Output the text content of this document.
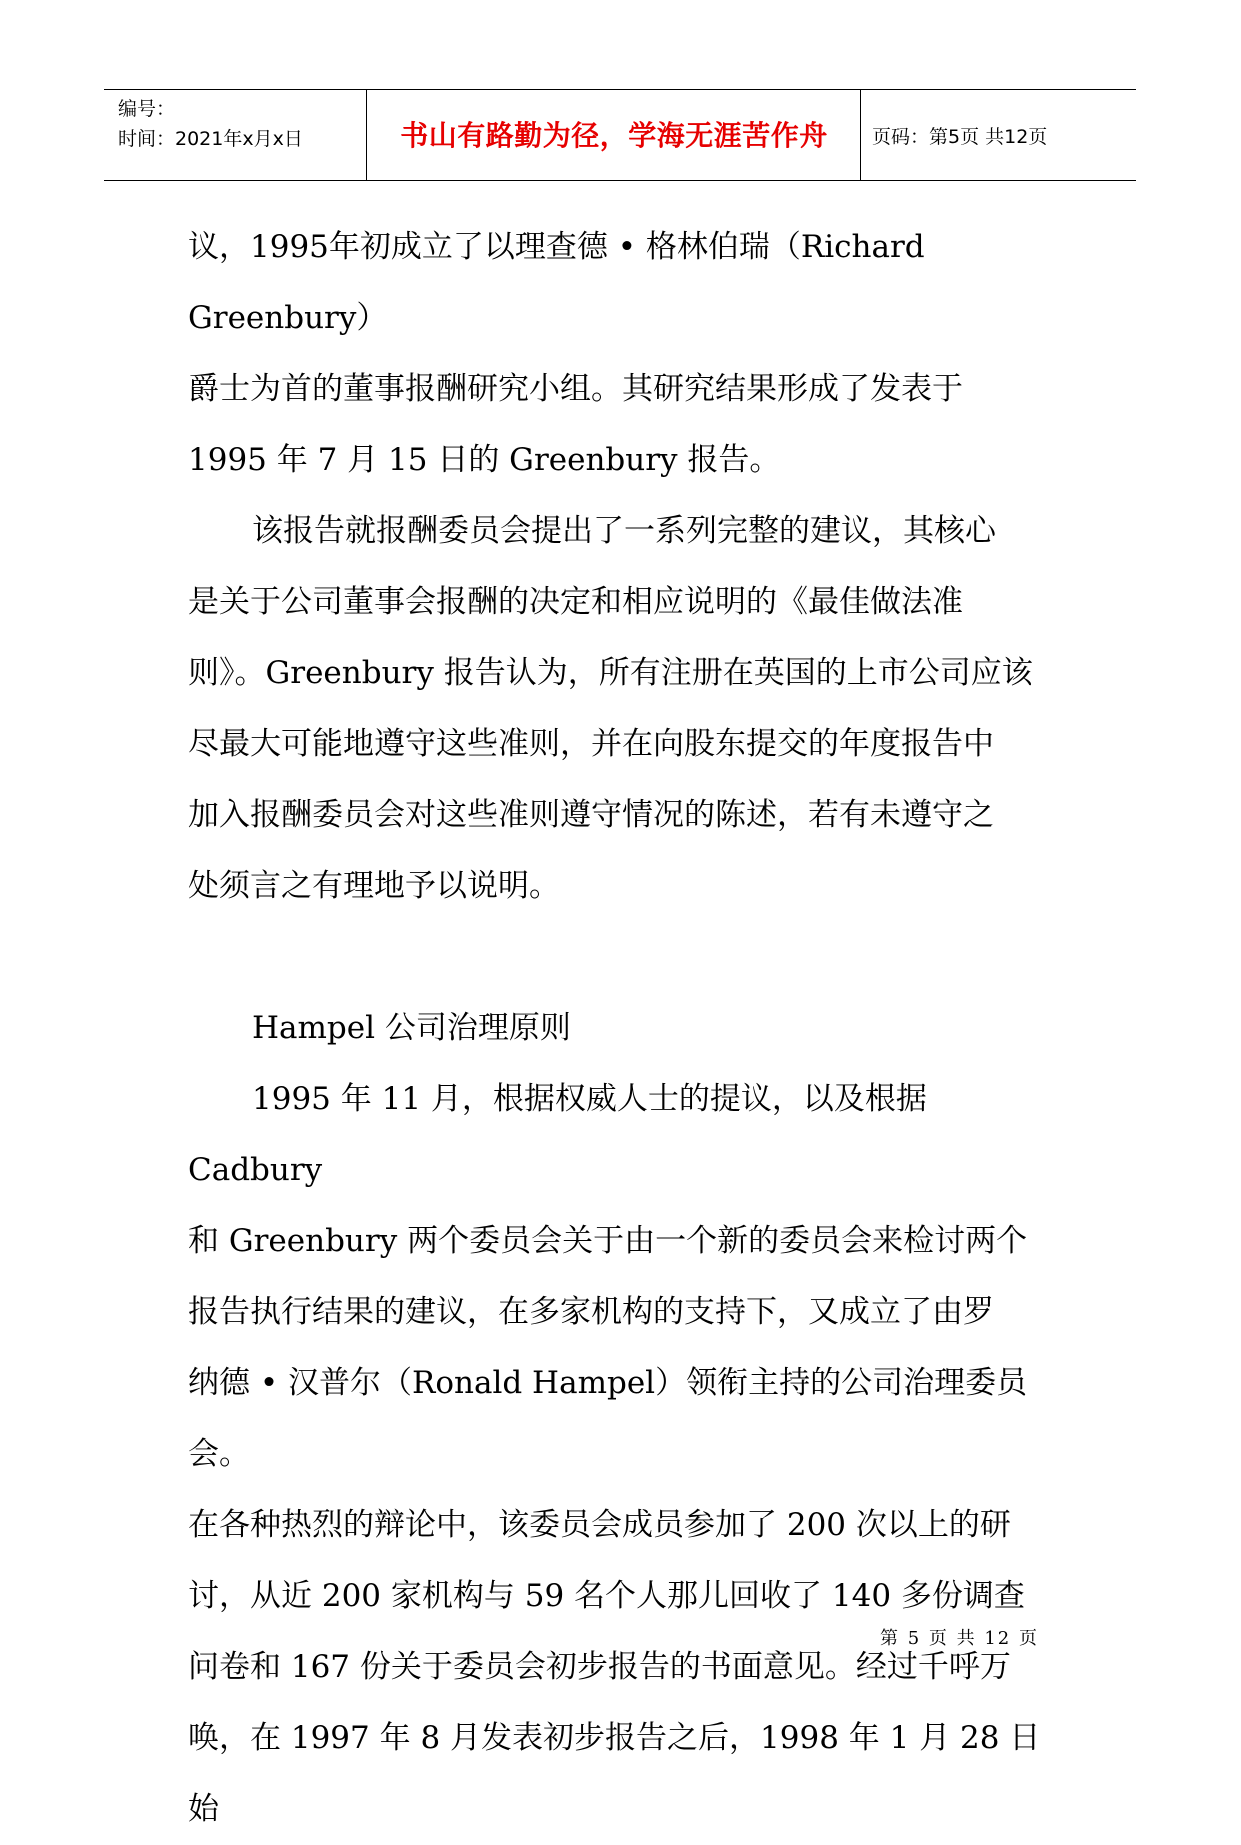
编号：
时间：2021年x月x日	书山有路勤为径，学海无涯苦作舟	页码：第5页 共12页

议，1995年初成立了以理查德 • 格林伯瑞（Richard Greenbury）

爵士为首的董事报酬研究小组。其研究结果形成了发表于

1995 年 7 月 15 日的 Greenbury 报告。

该报告就报酬委员会提出了一系列完整的建议，其核心

是关于公司董事会报酬的决定和相应说明的《最佳做法准

则》。Greenbury 报告认为，所有注册在英国的上市公司应该

尽最大可能地遵守这些准则，并在向股东提交的年度报告中

加入报酬委员会对这些准则遵守情况的陈述，若有未遵守之

处须言之有理地予以说明。

Hampel 公司治理原则

1995 年 11 月，根据权威人士的提议，以及根据 Cadbury

和 Greenbury 两个委员会关于由一个新的委员会来检讨两个

报告执行结果的建议，在多家机构的支持下，又成立了由罗

纳德 • 汉普尔（Ronald Hampel）领衔主持的公司治理委员会。

在各种热烈的辩论中，该委员会成员参加了 200 次以上的研

讨，从近 200 家机构与 59 名个人那儿回收了 140 多份调查

问卷和 167 份关于委员会初步报告的书面意见。经过千呼万

唤，在 1997 年 8 月发表初步报告之后，1998 年 1 月 28 日始

第 5 页 共 12 页
